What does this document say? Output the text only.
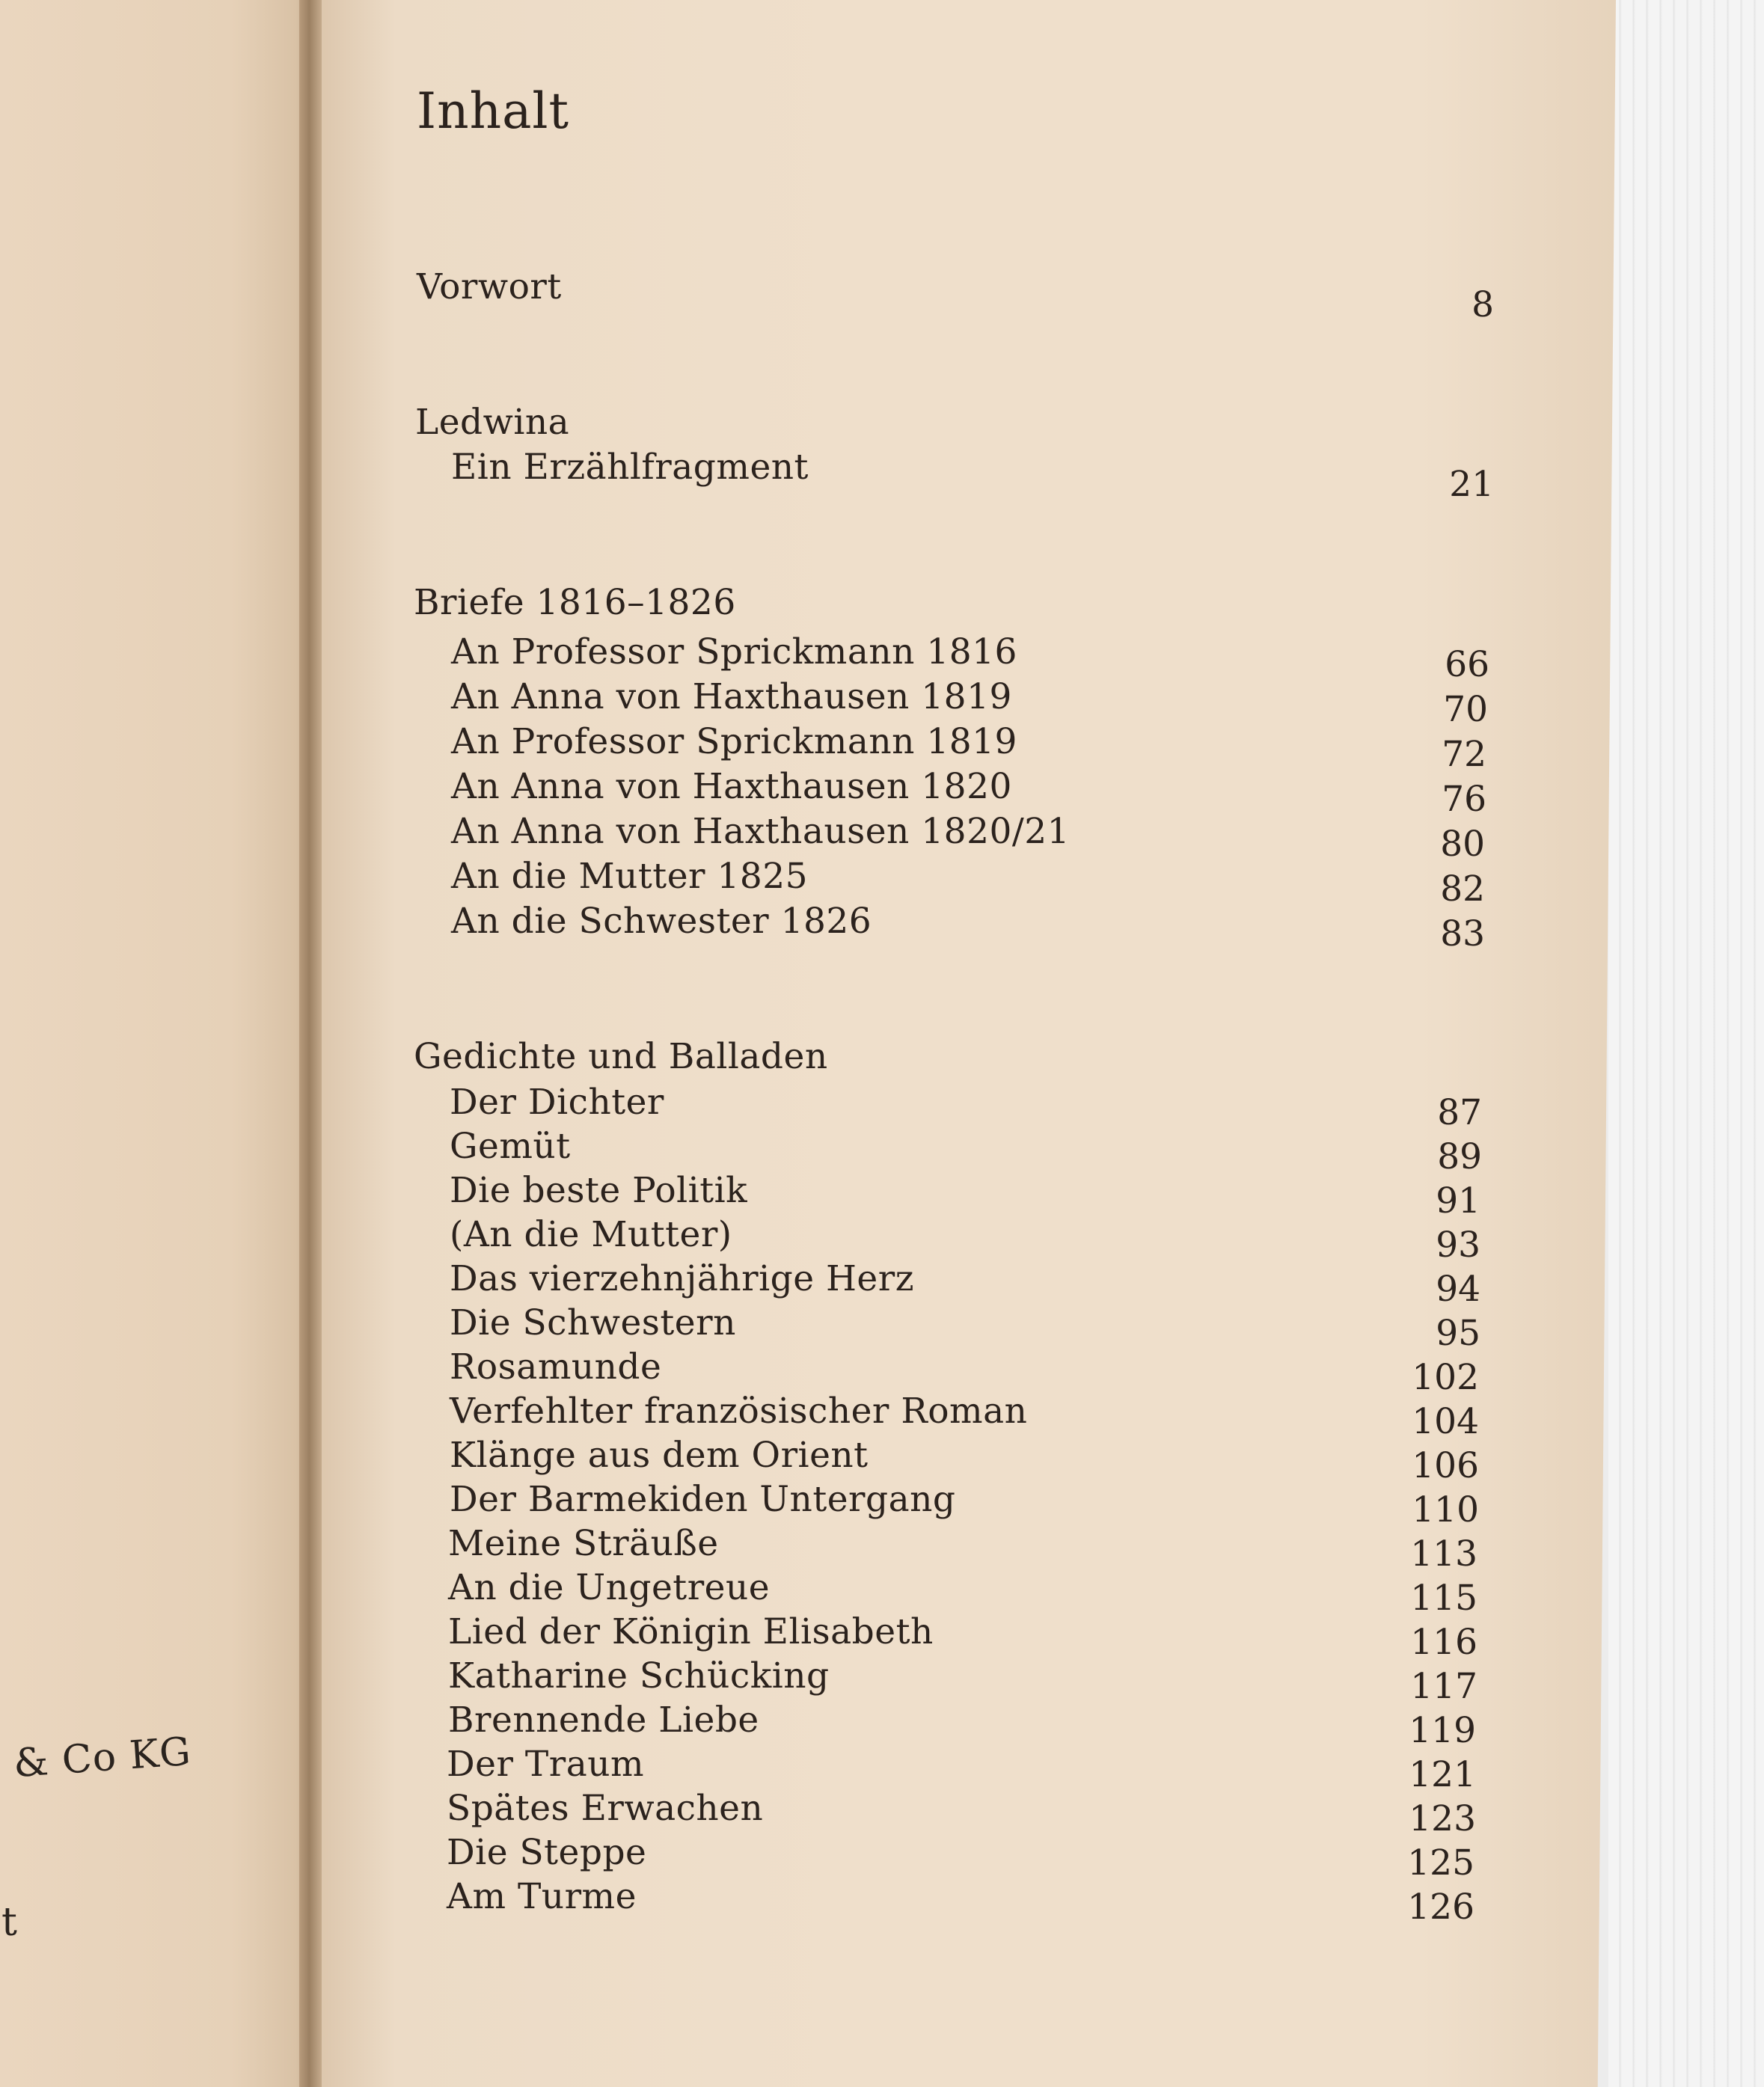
& Co KG
t
Inhalt
Vorwort	8
Ledwina
Ein Erzählfragment	21
Briefe 1816–1826
An Professor Sprickmann 1816	66
An Anna von Haxthausen 1819	70
An Professor Sprickmann 1819	72
An Anna von Haxthausen 1820	76
An Anna von Haxthausen 1820/21	80
An die Mutter 1825	82
An die Schwester 1826	83
Gedichte und Balladen
Der Dichter	87
Gemüt	89
Die beste Politik	91
(An die Mutter)	93
Das vierzehnjährige Herz	94
Die Schwestern	95
Rosamunde	102
Verfehlter französischer Roman	104
Klänge aus dem Orient	106
Der Barmekiden Untergang	110
Meine Sträuße	113
An die Ungetreue	115
Lied der Königin Elisabeth	116
Katharine Schücking	117
Brennende Liebe	119
Der Traum	121
Spätes Erwachen	123
Die Steppe	125
Am Turme	126
